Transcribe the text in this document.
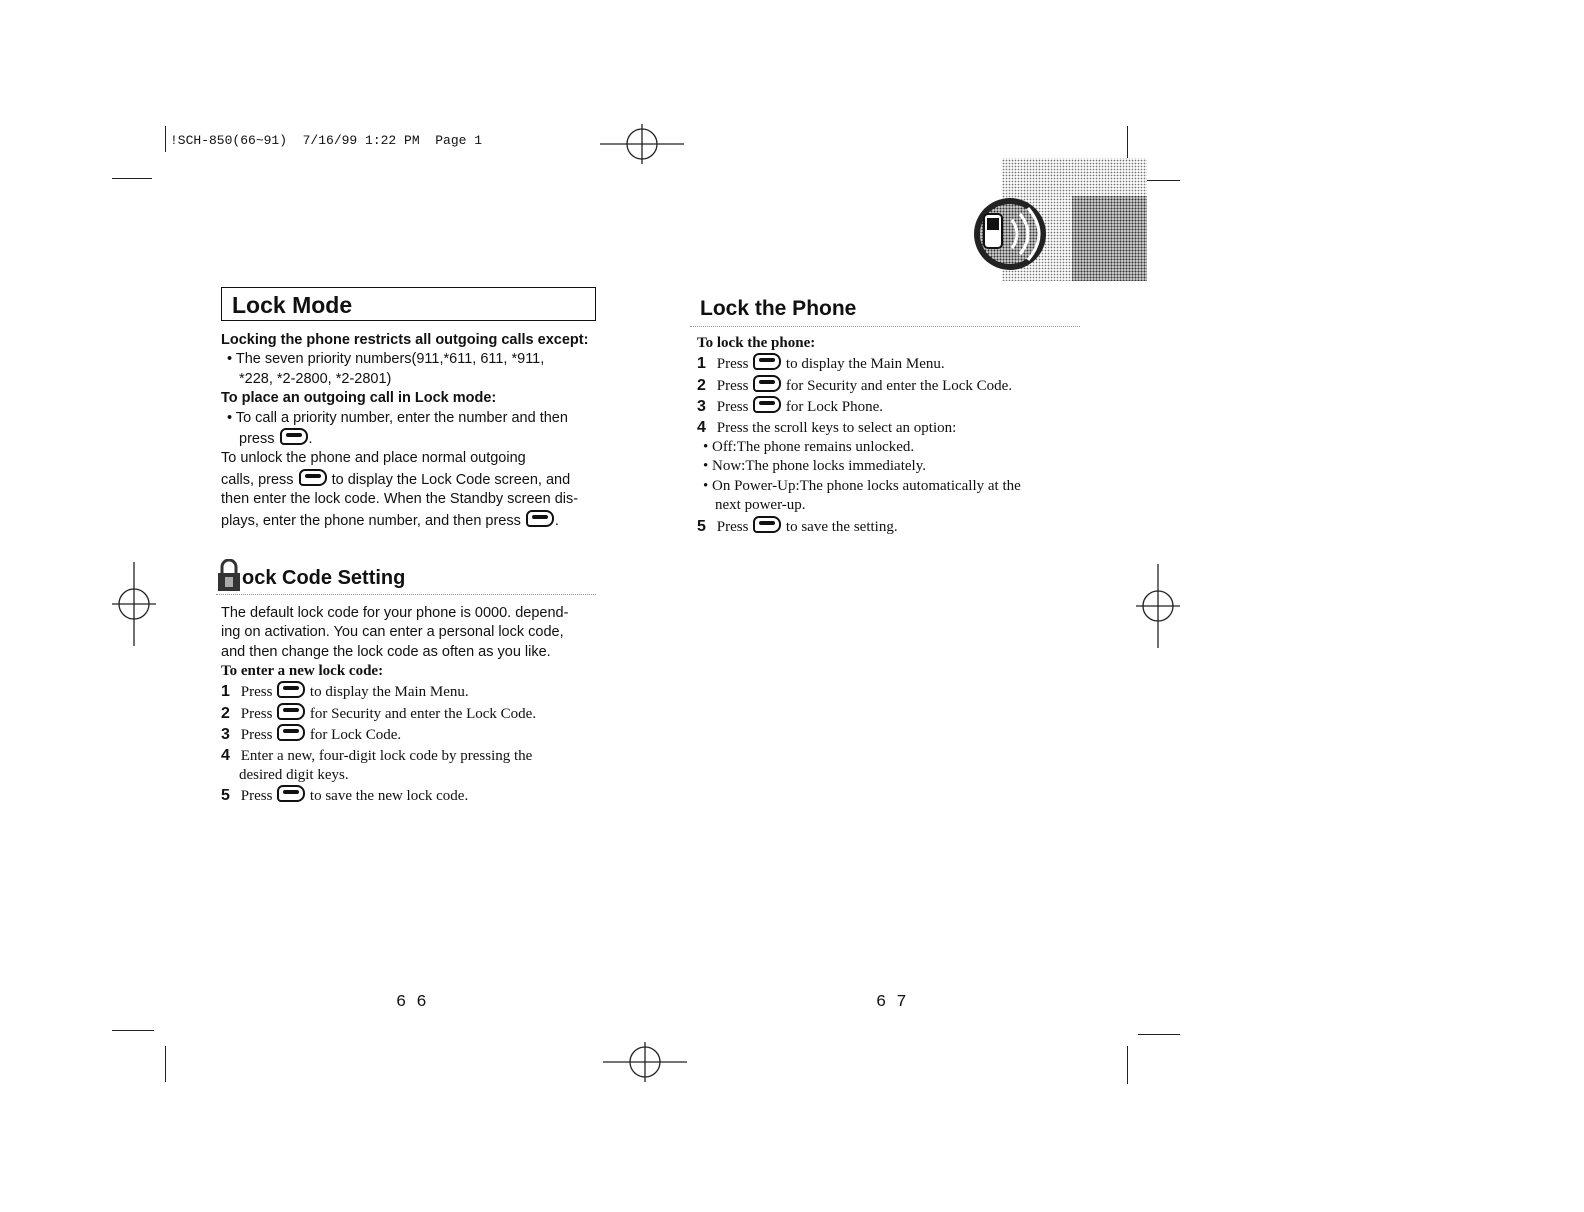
!SCH-850(66~91)  7/16/99 1:22 PM  Page 1
Lock Mode
Locking the phone restricts all outgoing calls except:
• The seven priority numbers(911,*611, 611, *911,
*228, *2-2800, *2-2801)
To place an outgoing call in Lock mode:
• To call a priority number, enter the number and then
press .
To unlock the phone and place normal outgoing
calls, press	to display the Lock Code screen, and
then enter the lock code. When the Standby screen dis-
plays, enter the phone number, and then press .
ock Code Setting
The default lock code for your phone is 0000. depend-
ing on activation. You can enter a personal lock code,
and then change the lock code as often as you like.
To enter a new lock code:
1 Press	to display the Main Menu.
2 Press	for Security and enter the Lock Code.
3 Press	for Lock Code.
4 Enter a new, four-digit lock code by pressing the
desired digit keys.
5 Press	to save the new lock code.
6 6
Lock the Phone
To lock the phone:
1 Press	to display the Main Menu.
2 Press	for Security and enter the Lock Code.
3 Press	for Lock Phone.
4 Press the scroll keys to select an option:
• Off:The phone remains unlocked.
• Now:The phone locks immediately.
• On Power-Up:The phone locks automatically at the
next power-up.
5 Press	to save the setting.
6 7
